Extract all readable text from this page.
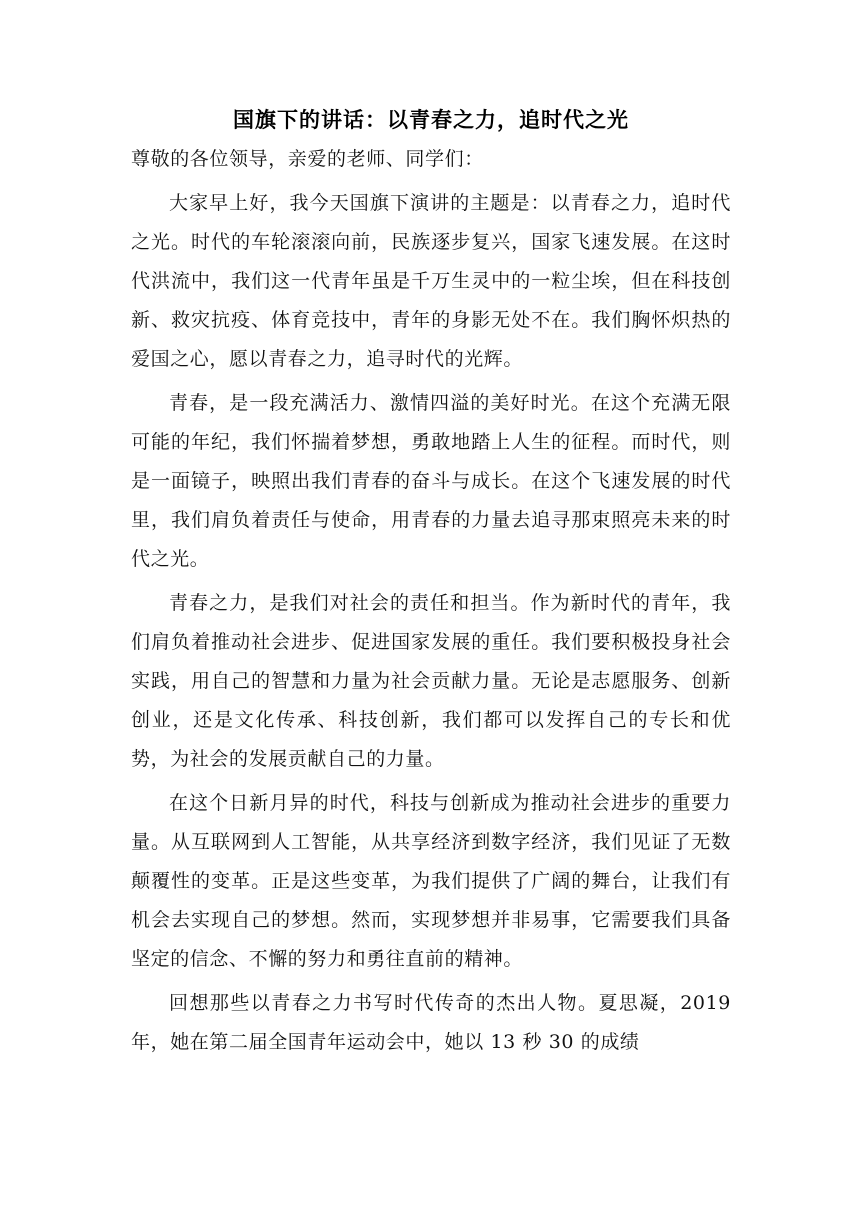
国旗下的讲话：以青春之力，追时代之光

尊敬的各位领导，亲爱的老师、同学们：

大家早上好，我今天国旗下演讲的主题是：以青春之力，追时代之光。时代的车轮滚滚向前，民族逐步复兴，国家飞速发展。在这时代洪流中，我们这一代青年虽是千万生灵中的一粒尘埃，但在科技创新、救灾抗疫、体育竞技中，青年的身影无处不在。我们胸怀炽热的爱国之心，愿以青春之力，追寻时代的光辉。

青春，是一段充满活力、激情四溢的美好时光。在这个充满无限可能的年纪，我们怀揣着梦想，勇敢地踏上人生的征程。而时代，则是一面镜子，映照出我们青春的奋斗与成长。在这个飞速发展的时代里，我们肩负着责任与使命，用青春的力量去追寻那束照亮未来的时代之光。

青春之力，是我们对社会的责任和担当。作为新时代的青年，我们肩负着推动社会进步、促进国家发展的重任。我们要积极投身社会实践，用自己的智慧和力量为社会贡献力量。无论是志愿服务、创新创业，还是文化传承、科技创新，我们都可以发挥自己的专长和优势，为社会的发展贡献自己的力量。

在这个日新月异的时代，科技与创新成为推动社会进步的重要力量。从互联网到人工智能，从共享经济到数字经济，我们见证了无数颠覆性的变革。正是这些变革，为我们提供了广阔的舞台，让我们有机会去实现自己的梦想。然而，实现梦想并非易事，它需要我们具备坚定的信念、不懈的努力和勇往直前的精神。

回想那些以青春之力书写时代传奇的杰出人物。夏思凝，2019 年，她在第二届全国青年运动会中，她以 13 秒 30 的成绩
